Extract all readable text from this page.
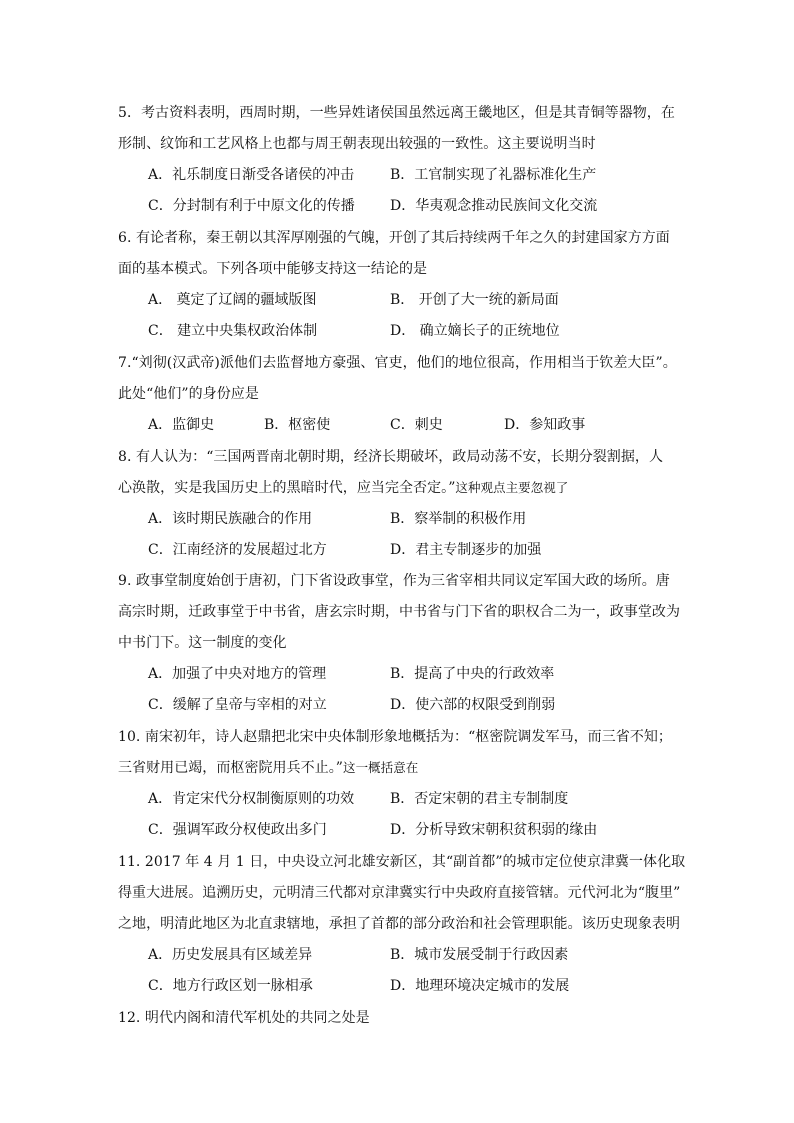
5．考古资料表明，西周时期，一些异姓诸侯国虽然远离王畿地区，但是其青铜等器物，在
形制、纹饰和工艺风格上也都与周王朝表现出较强的一致性。这主要说明当时
A．礼乐制度日渐受各诸侯的冲击	B．工官制实现了礼器标准化生产
C．分封制有利于中原文化的传播	D．华夷观念推动民族间文化交流
6. 有论者称，秦王朝以其浑厚刚强的气魄，开创了其后持续两千年之久的封建国家方方面
面的基本模式。下列各项中能够支持这一结论的是
A． 奠定了辽阔的疆域版图	B． 开创了大一统的新局面
C． 建立中央集权政治体制	D． 确立嫡长子的正统地位
7.“刘彻(汉武帝)派他们去监督地方豪强、官吏，他们的地位很高，作用相当于钦差大臣”。
此处“他们”的身份应是
A．监御史	B．枢密使	C．刺史	D．参知政事
8. 有人认为：“三国两晋南北朝时期，经济长期破坏，政局动荡不安，长期分裂割据，人
心涣散，实是我国历史上的黑暗时代，应当完全否定。”这种观点主要忽视了
A．该时期民族融合的作用	B．察举制的积极作用
C．江南经济的发展超过北方	D．君主专制逐步的加强
9. 政事堂制度始创于唐初，门下省设政事堂，作为三省宰相共同议定军国大政的场所。唐
高宗时期，迁政事堂于中书省，唐玄宗时期，中书省与门下省的职权合二为一，政事堂改为
中书门下。这一制度的变化
A．加强了中央对地方的管理	B．提高了中央的行政效率
C．缓解了皇帝与宰相的对立	D．使六部的权限受到削弱
10. 南宋初年，诗人赵鼎把北宋中央体制形象地概括为：“枢密院调发军马，而三省不知；
三省财用已竭，而枢密院用兵不止。”这一概括意在
A．肯定宋代分权制衡原则的功效	B．否定宋朝的君主专制制度
C．强调军政分权使政出多门	D．分析导致宋朝积贫积弱的缘由
11. 2017 年 4 月 1 日，中央设立河北雄安新区，其“副首都”的城市定位使京津冀一体化取
得重大进展。追溯历史，元明清三代都对京津冀实行中央政府直接管辖。元代河北为“腹里”
之地，明清此地区为北直隶辖地，承担了首都的部分政治和社会管理职能。该历史现象表明
A．历史发展具有区域差异	B．城市发展受制于行政因素
C．地方行政区划一脉相承	D．地理环境决定城市的发展
12. 明代内阁和清代军机处的共同之处是
